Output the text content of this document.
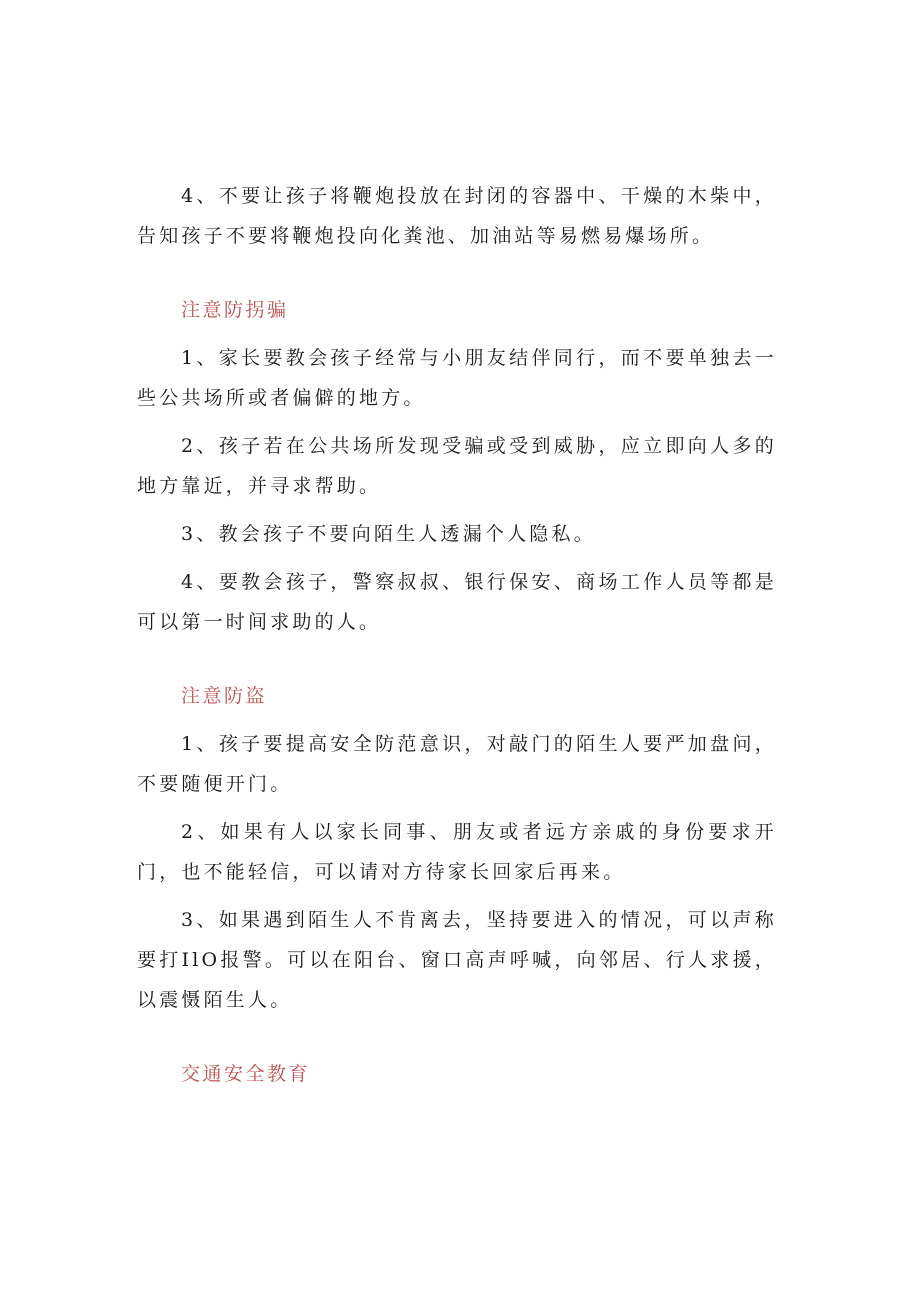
4、不要让孩子将鞭炮投放在封闭的容器中、干燥的木柴中，告知孩子不要将鞭炮投向化粪池、加油站等易燃易爆场所。

注意防拐骗

1、家长要教会孩子经常与小朋友结伴同行，而不要单独去一些公共场所或者偏僻的地方。

2、孩子若在公共场所发现受骗或受到威胁，应立即向人多的地方靠近，并寻求帮助。

3、教会孩子不要向陌生人透漏个人隐私。

4、要教会孩子，警察叔叔、银行保安、商场工作人员等都是可以第一时间求助的人。

注意防盗

1、孩子要提高安全防范意识，对敲门的陌生人要严加盘问，不要随便开门。

2、如果有人以家长同事、朋友或者远方亲戚的身份要求开门，也不能轻信，可以请对方待家长回家后再来。

3、如果遇到陌生人不肯离去，坚持要进入的情况，可以声称要打IlO报警。可以在阳台、窗口高声呼喊，向邻居、行人求援，以震慑陌生人。

交通安全教育
